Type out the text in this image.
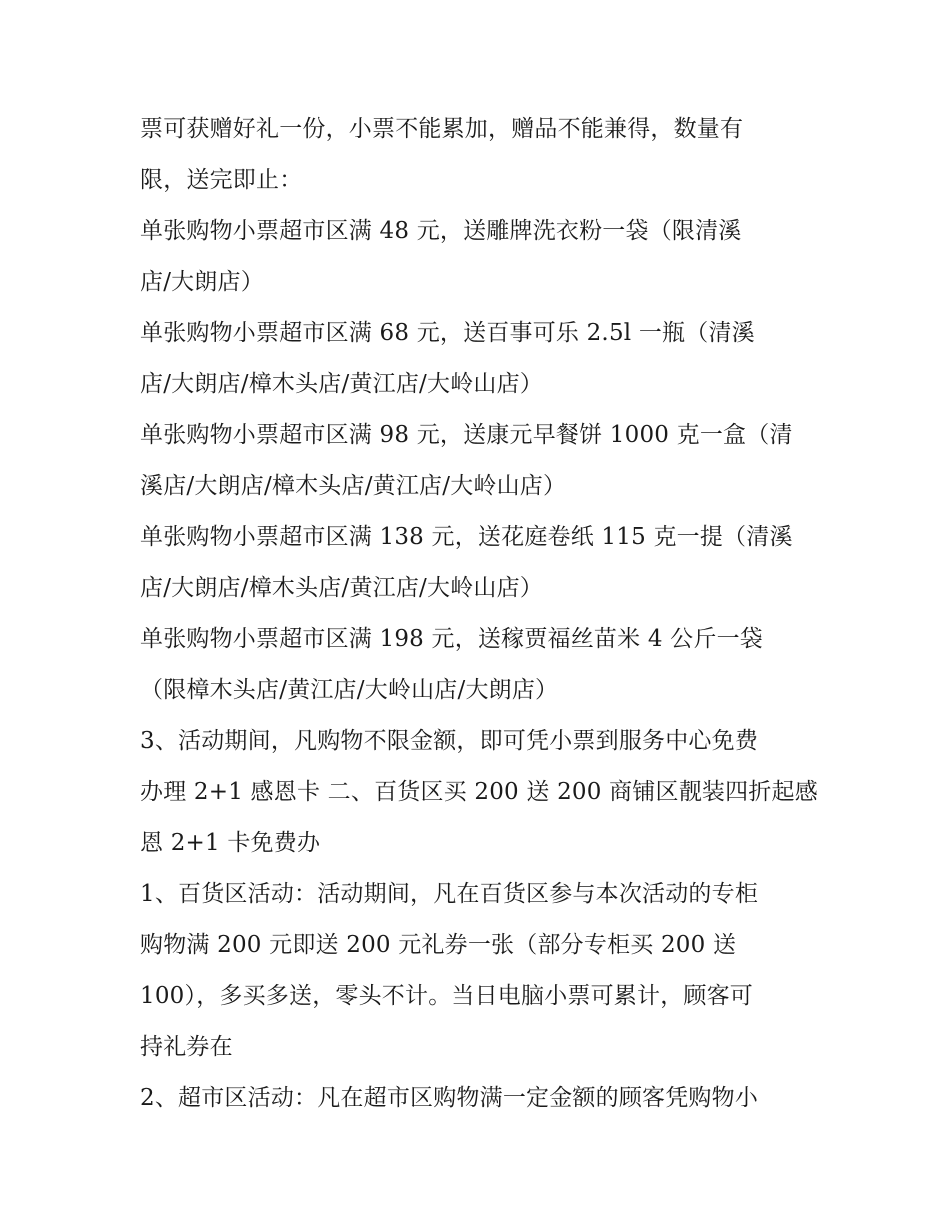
票可获赠好礼一份，小票不能累加，赠品不能兼得，数量有
限，送完即止：
单张购物小票超市区满 48 元，送雕牌洗衣粉一袋（限清溪
店/大朗店）
单张购物小票超市区满 68 元，送百事可乐 2.5l 一瓶（清溪
店/大朗店/樟木头店/黄江店/大岭山店）
单张购物小票超市区满 98 元，送康元早餐饼 1000 克一盒（清
溪店/大朗店/樟木头店/黄江店/大岭山店）
单张购物小票超市区满 138 元，送花庭卷纸 115 克一提（清溪
店/大朗店/樟木头店/黄江店/大岭山店）
单张购物小票超市区满 198 元，送稼贾福丝苗米 4 公斤一袋
（限樟木头店/黄江店/大岭山店/大朗店）
3、活动期间，凡购物不限金额，即可凭小票到服务中心免费
办理 2+1 感恩卡 二、百货区买 200 送 200 商铺区靓装四折起感
恩 2+1 卡免费办
1、百货区活动：活动期间，凡在百货区参与本次活动的专柜
购物满 200 元即送 200 元礼券一张（部分专柜买 200 送
100），多买多送，零头不计。当日电脑小票可累计，顾客可
持礼券在
2、超市区活动：凡在超市区购物满一定金额的顾客凭购物小
